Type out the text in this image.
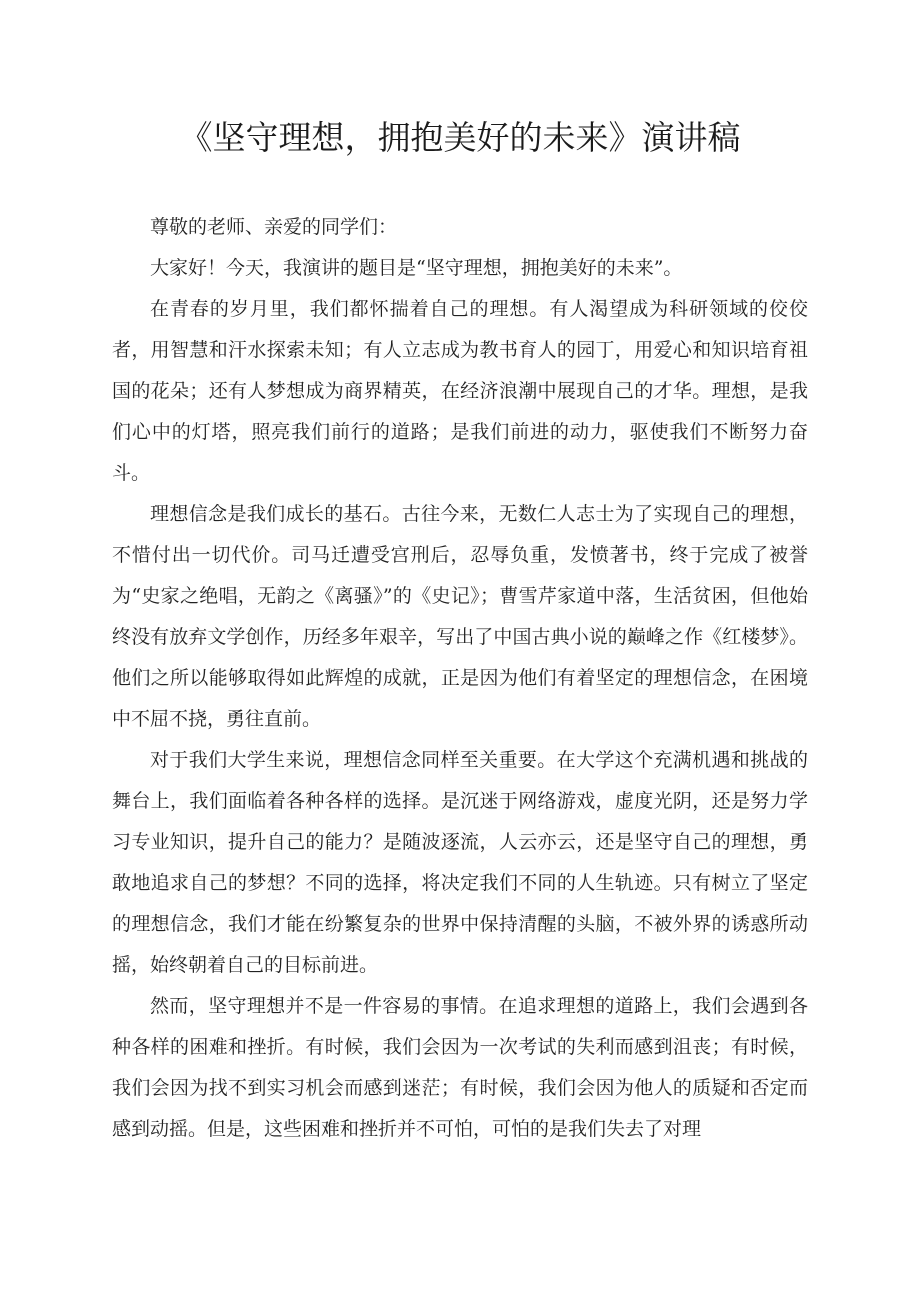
《坚守理想，拥抱美好的未来》演讲稿

尊敬的老师、亲爱的同学们：

大家好！今天，我演讲的题目是“坚守理想，拥抱美好的未来”。

在青春的岁月里，我们都怀揣着自己的理想。有人渴望成为科研领域的佼佼者，用智慧和汗水探索未知；有人立志成为教书育人的园丁，用爱心和知识培育祖国的花朵；还有人梦想成为商界精英，在经济浪潮中展现自己的才华。理想，是我们心中的灯塔，照亮我们前行的道路；是我们前进的动力，驱使我们不断努力奋斗。

理想信念是我们成长的基石。古往今来，无数仁人志士为了实现自己的理想，不惜付出一切代价。司马迁遭受宫刑后，忍辱负重，发愤著书，终于完成了被誉为“史家之绝唱，无韵之《离骚》”的《史记》；曹雪芹家道中落，生活贫困，但他始终没有放弃文学创作，历经多年艰辛，写出了中国古典小说的巅峰之作《红楼梦》。他们之所以能够取得如此辉煌的成就，正是因为他们有着坚定的理想信念，在困境中不屈不挠，勇往直前。

对于我们大学生来说，理想信念同样至关重要。在大学这个充满机遇和挑战的舞台上，我们面临着各种各样的选择。是沉迷于网络游戏，虚度光阴，还是努力学习专业知识，提升自己的能力？是随波逐流，人云亦云，还是坚守自己的理想，勇敢地追求自己的梦想？不同的选择，将决定我们不同的人生轨迹。只有树立了坚定的理想信念，我们才能在纷繁复杂的世界中保持清醒的头脑，不被外界的诱惑所动摇，始终朝着自己的目标前进。

然而，坚守理想并不是一件容易的事情。在追求理想的道路上，我们会遇到各种各样的困难和挫折。有时候，我们会因为一次考试的失利而感到沮丧；有时候，我们会因为找不到实习机会而感到迷茫；有时候，我们会因为他人的质疑和否定而感到动摇。但是，这些困难和挫折并不可怕，可怕的是我们失去了对理
